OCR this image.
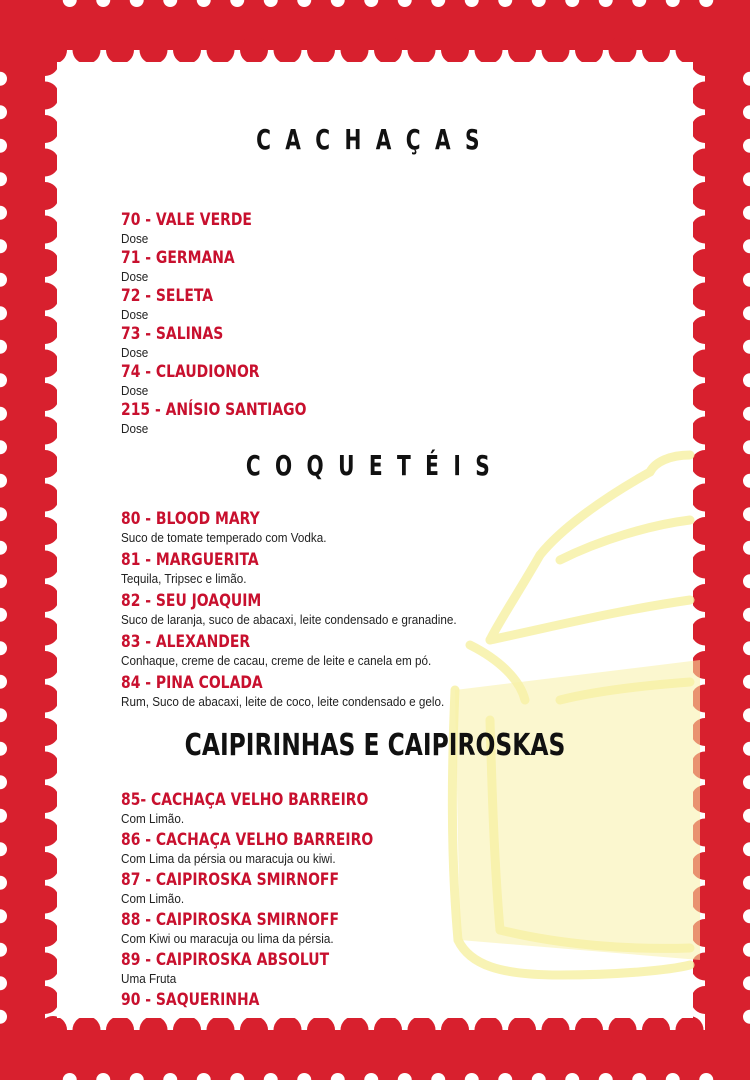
CACHAÇAS
70 - VALE VERDE
Dose
71 - GERMANA
Dose
72 - SELETA
Dose
73 - SALINAS
Dose
74 - CLAUDIONOR
Dose
215 - ANÍSIO SANTIAGO
Dose
COQUETÉIS
80 - BLOOD MARY
Suco de tomate temperado com Vodka.
81 - MARGUERITA
Tequila, Tripsec e limão.
82 - SEU JOAQUIM
Suco de laranja, suco de abacaxi, leite condensado e granadine.
83 - ALEXANDER
Conhaque, creme de cacau, creme de leite e canela em pó.
84 - PINA COLADA
Rum, Suco de abacaxi, leite de coco, leite condensado e gelo.
CAIPIRINHAS E CAIPIROSKAS
85- CACHAÇA VELHO BARREIRO
Com Limão.
86 - CACHAÇA VELHO BARREIRO
Com Lima da pérsia ou maracuja ou kiwi.
87 - CAIPIROSKA SMIRNOFF
Com Limão.
88 - CAIPIROSKA SMIRNOFF
Com Kiwi ou maracuja ou lima da pérsia.
89 - CAIPIROSKA ABSOLUT
Uma Fruta
90 - SAQUERINHA
